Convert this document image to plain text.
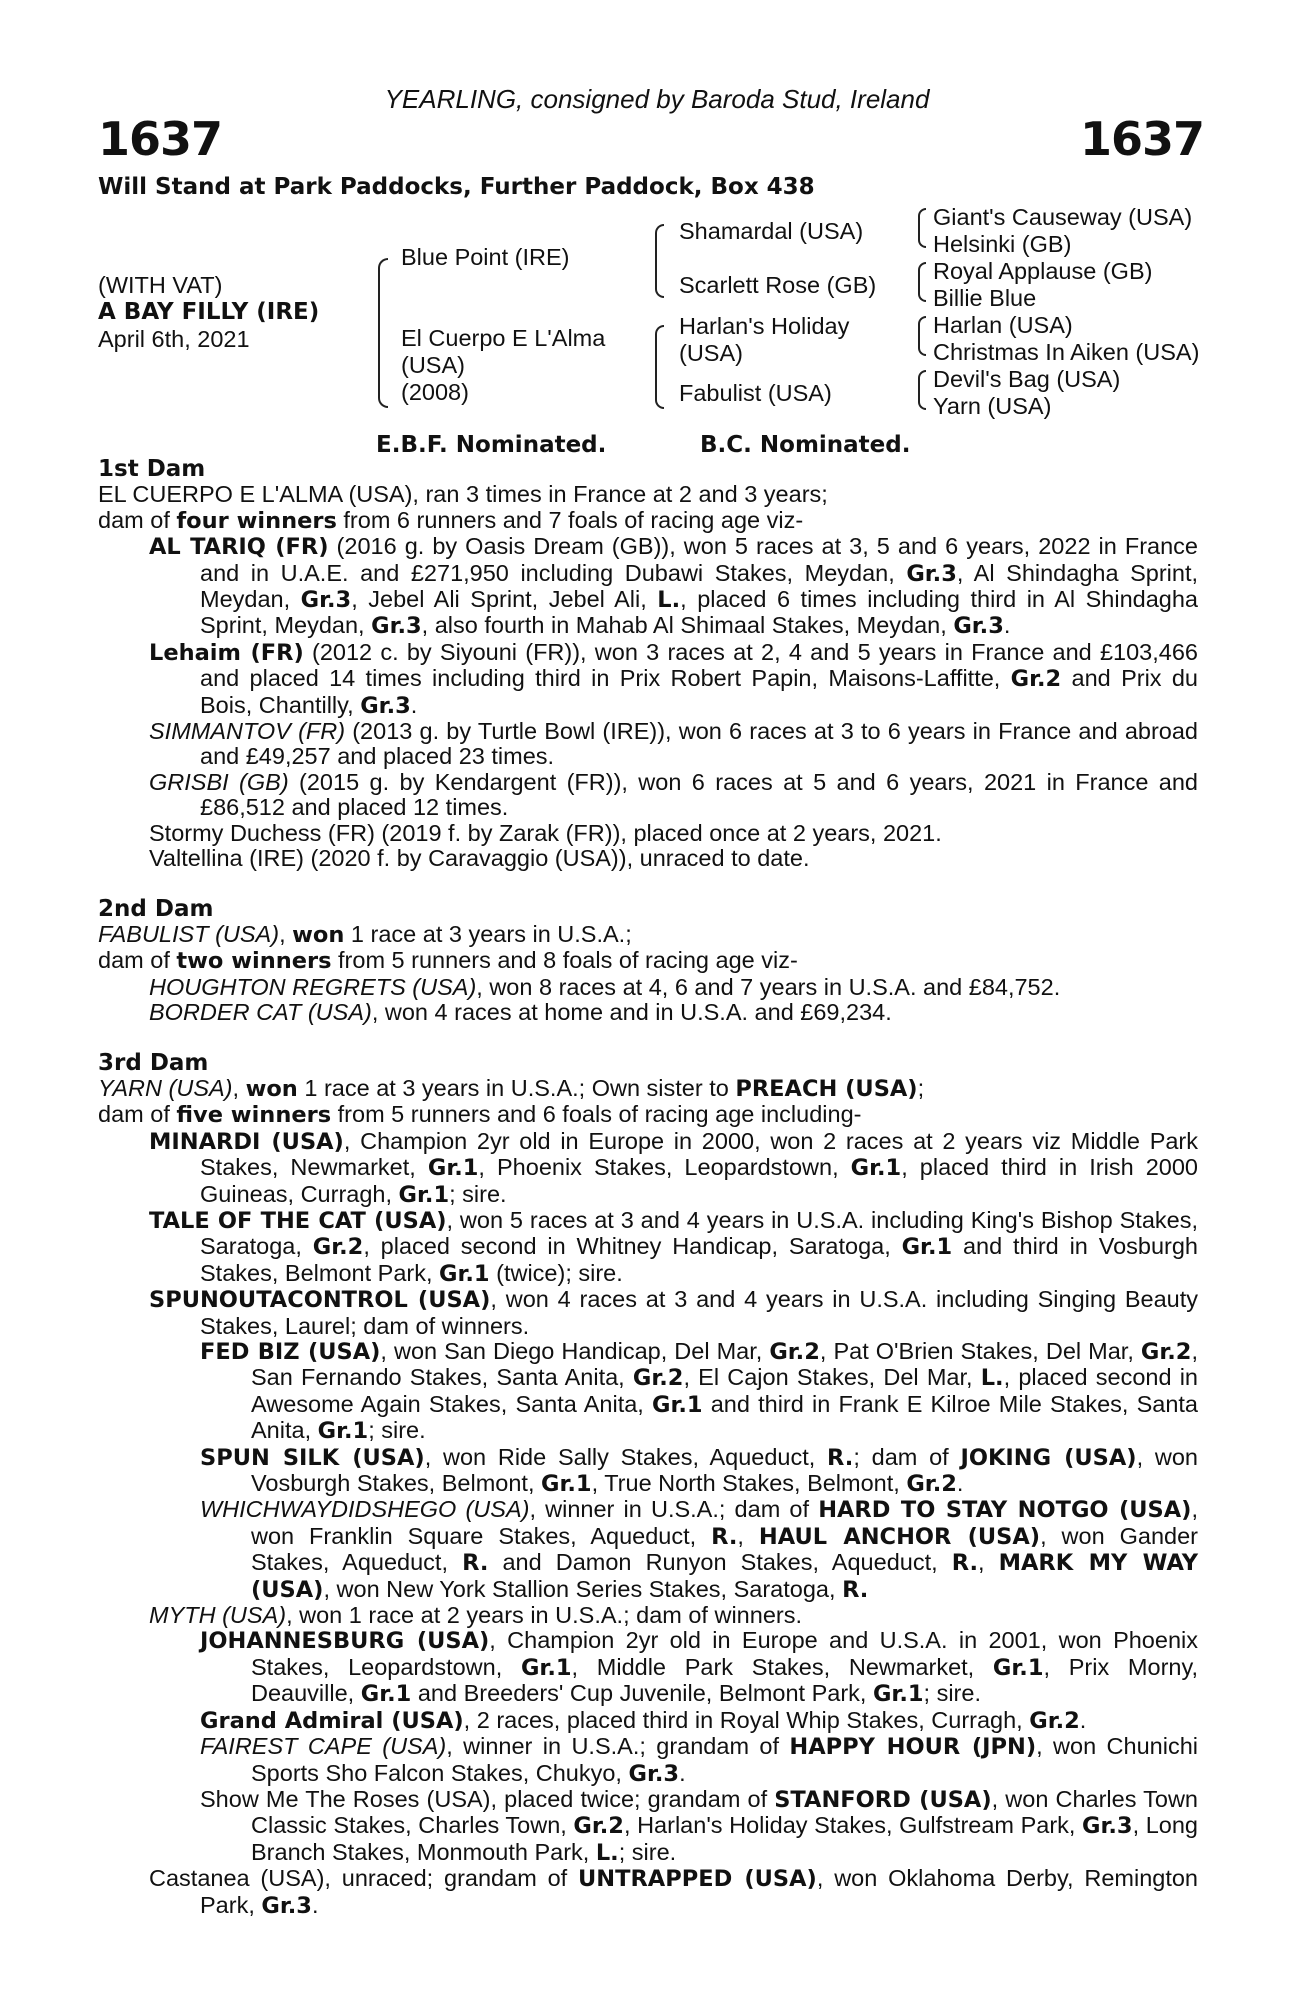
YEARLING, consigned by Baroda Stud, Ireland
1637	1637
Will Stand at Park Paddocks, Further Paddock, Box 438
(WITH VAT)
A BAY FILLY (IRE)
April 6th, 2021
Blue Point (IRE)
El Cuerpo E L'Alma
(USA)
(2008)
Shamardal (USA)
Scarlett Rose (GB)
Harlan's Holiday
(USA)
Fabulist (USA)
Giant's Causeway (USA)
Helsinki (GB)
Royal Applause (GB)
Billie Blue
Harlan (USA)
Christmas In Aiken (USA)
Devil's Bag (USA)
Yarn (USA)
E.B.F. Nominated.	B.C. Nominated.

1st Dam

EL CUERPO E L'ALMA (USA), ran 3 times in France at 2 and 3 years;

dam of four winners from 6 runners and 7 foals of racing age viz-

AL TARIQ (FR) (2016 g. by Oasis Dream (GB)), won 5 races at 3, 5 and 6 years, 2022 in France and in U.A.E. and £271,950 including Dubawi Stakes, Meydan, Gr.3, Al Shindagha Sprint, Meydan, Gr.3, Jebel Ali Sprint, Jebel Ali, L., placed 6 times including third in Al Shindagha Sprint, Meydan, Gr.3, also fourth in Mahab Al Shimaal Stakes, Meydan, Gr.3.

Lehaim (FR) (2012 c. by Siyouni (FR)), won 3 races at 2, 4 and 5 years in France and £103,466 and placed 14 times including third in Prix Robert Papin, Maisons-Laffitte, Gr.2 and Prix du Bois, Chantilly, Gr.3.

SIMMANTOV (FR) (2013 g. by Turtle Bowl (IRE)), won 6 races at 3 to 6 years in France and abroad and £49,257 and placed 23 times.

GRISBI (GB) (2015 g. by Kendargent (FR)), won 6 races at 5 and 6 years, 2021 in France and £86,512 and placed 12 times.

Stormy Duchess (FR) (2019 f. by Zarak (FR)), placed once at 2 years, 2021.

Valtellina (IRE) (2020 f. by Caravaggio (USA)), unraced to date.

2nd Dam

FABULIST (USA), won 1 race at 3 years in U.S.A.;

dam of two winners from 5 runners and 8 foals of racing age viz-

HOUGHTON REGRETS (USA), won 8 races at 4, 6 and 7 years in U.S.A. and £84,752.

BORDER CAT (USA), won 4 races at home and in U.S.A. and £69,234.

3rd Dam

YARN (USA), won 1 race at 3 years in U.S.A.; Own sister to PREACH (USA);

dam of five winners from 5 runners and 6 foals of racing age including-

MINARDI (USA), Champion 2yr old in Europe in 2000, won 2 races at 2 years viz Middle Park Stakes, Newmarket, Gr.1, Phoenix Stakes, Leopardstown, Gr.1, placed third in Irish 2000 Guineas, Curragh, Gr.1; sire.

TALE OF THE CAT (USA), won 5 races at 3 and 4 years in U.S.A. including King's Bishop Stakes, Saratoga, Gr.2, placed second in Whitney Handicap, Saratoga, Gr.1 and third in Vosburgh Stakes, Belmont Park, Gr.1 (twice); sire.

SPUNOUTACONTROL (USA), won 4 races at 3 and 4 years in U.S.A. including Singing Beauty Stakes, Laurel; dam of winners.

FED BIZ (USA), won San Diego Handicap, Del Mar, Gr.2, Pat O'Brien Stakes, Del Mar, Gr.2, San Fernando Stakes, Santa Anita, Gr.2, El Cajon Stakes, Del Mar, L., placed second in Awesome Again Stakes, Santa Anita, Gr.1 and third in Frank E Kilroe Mile Stakes, Santa Anita, Gr.1; sire.

SPUN SILK (USA), won Ride Sally Stakes, Aqueduct, R.; dam of JOKING (USA), won Vosburgh Stakes, Belmont, Gr.1, True North Stakes, Belmont, Gr.2.

WHICHWAYDIDSHEGO (USA), winner in U.S.A.; dam of HARD TO STAY NOTGO (USA), won Franklin Square Stakes, Aqueduct, R., HAUL ANCHOR (USA), won Gander Stakes, Aqueduct, R. and Damon Runyon Stakes, Aqueduct, R., MARK MY WAY (USA), won New York Stallion Series Stakes, Saratoga, R.

MYTH (USA), won 1 race at 2 years in U.S.A.; dam of winners.

JOHANNESBURG (USA), Champion 2yr old in Europe and U.S.A. in 2001, won Phoenix Stakes, Leopardstown, Gr.1, Middle Park Stakes, Newmarket, Gr.1, Prix Morny, Deauville, Gr.1 and Breeders' Cup Juvenile, Belmont Park, Gr.1; sire.

Grand Admiral (USA), 2 races, placed third in Royal Whip Stakes, Curragh, Gr.2.

FAIREST CAPE (USA), winner in U.S.A.; grandam of HAPPY HOUR (JPN), won Chunichi Sports Sho Falcon Stakes, Chukyo, Gr.3.

Show Me The Roses (USA), placed twice; grandam of STANFORD (USA), won Charles Town Classic Stakes, Charles Town, Gr.2, Harlan's Holiday Stakes, Gulfstream Park, Gr.3, Long Branch Stakes, Monmouth Park, L.; sire.

Castanea (USA), unraced; grandam of UNTRAPPED (USA), won Oklahoma Derby, Remington Park, Gr.3.
